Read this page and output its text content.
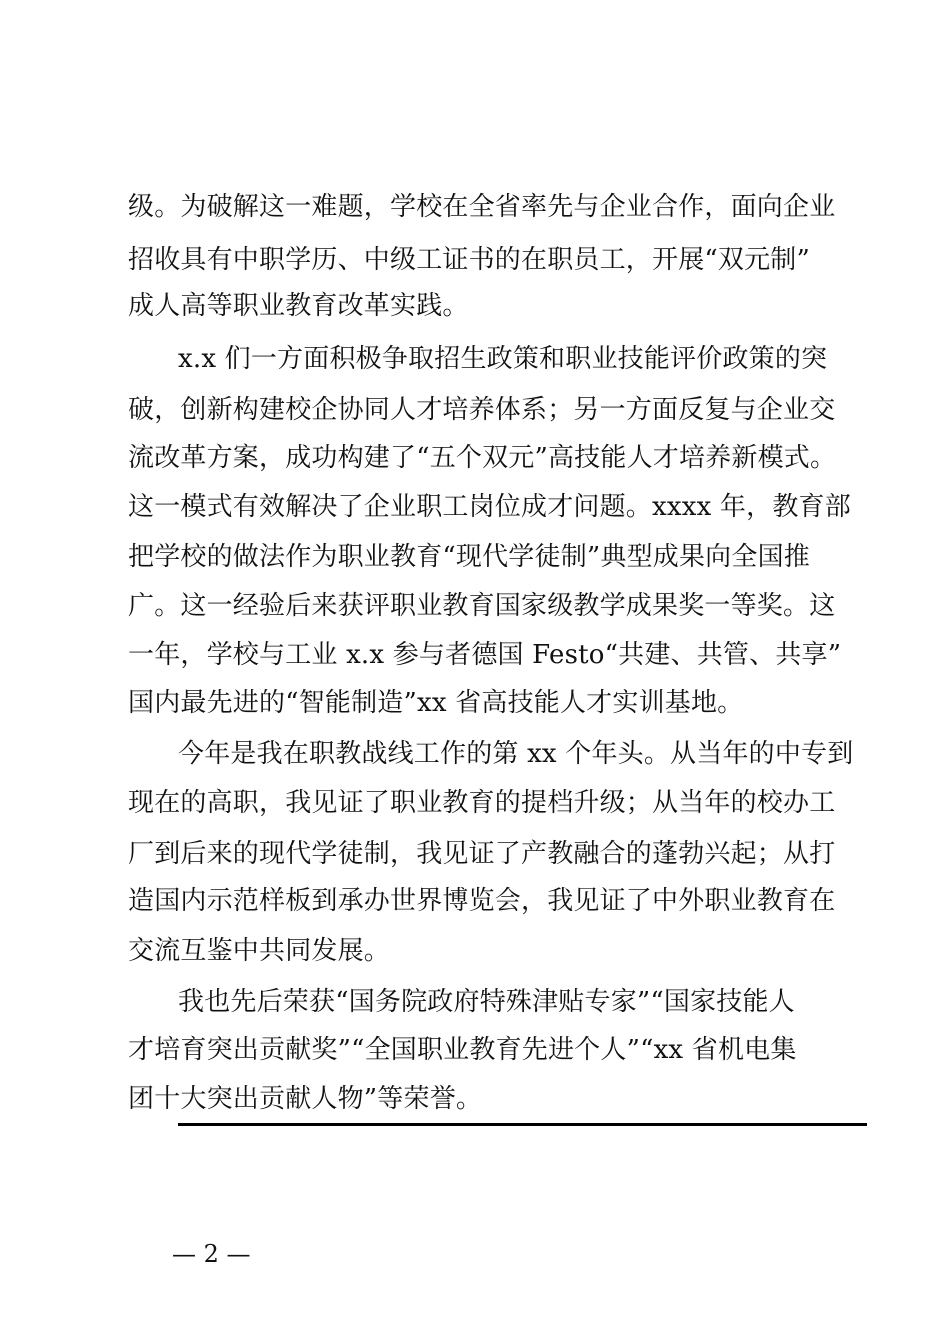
级。为破解这一难题，学校在全省率先与企业合作，面向企业
招收具有中职学历、中级工证书的在职员工，开展“双元制”
成人高等职业教育改革实践。
x.x 们一方面积极争取招生政策和职业技能评价政策的突
破，创新构建校企协同人才培养体系；另一方面反复与企业交
流改革方案，成功构建了“五个双元”高技能人才培养新模式。
这一模式有效解决了企业职工岗位成才问题。xxxx 年，教育部
把学校的做法作为职业教育“现代学徒制”典型成果向全国推
广。这一经验后来获评职业教育国家级教学成果奖一等奖。这
一年，学校与工业 x.x 参与者德国 Festo“共建、共管、共享”
国内最先进的“智能制造”xx 省高技能人才实训基地。
今年是我在职教战线工作的第 xx 个年头。从当年的中专到
现在的高职，我见证了职业教育的提档升级；从当年的校办工
厂到后来的现代学徒制，我见证了产教融合的蓬勃兴起；从打
造国内示范样板到承办世界博览会，我见证了中外职业教育在
交流互鉴中共同发展。
我也先后荣获“国务院政府特殊津贴专家”“国家技能人
才培育突出贡献奖”“全国职业教育先进个人”“xx 省机电集
团十大突出贡献人物”等荣誉。
— 2 —
